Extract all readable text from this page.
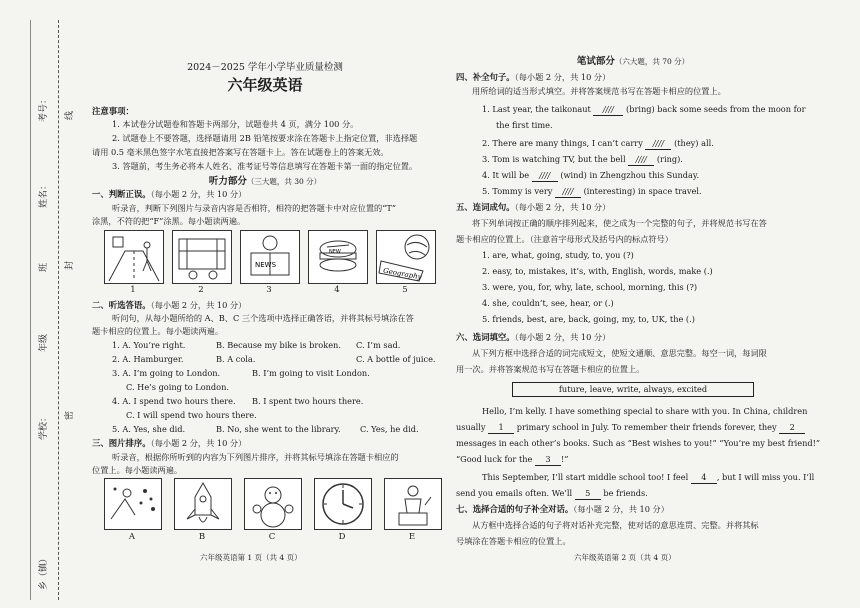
考号：
姓名：
班
年级
学校：
乡（镇）
线
封
密
2024－2025 学年小学毕业质量检测
六年级英语
注意事项：
1. 本试卷分试题卷和答题卡两部分，试题卷共 4 页，满分 100 分。
2. 试题卷上不要答题，选择题请用 2B 铅笔按要求涂在答题卡上指定位置，非选择题
请用 0.5 毫米黑色签字水笔直接把答案写在答题卡上。答在试题卷上的答案无效。
3. 答题前，考生务必将本人姓名、准考证号等信息填写在答题卡第一面的指定位置。
听力部分（三大题，共 30 分）
一、判断正误。（每小题 2 分，共 10 分）
听录音，判断下列图片与录音内容是否相符，相符的把答题卡中对应位置的“T”
涂黑，不符的把“F”涂黑。每小题读两遍。
NEWS
NEW
Geography
1	2	3	4	5
二、听选答语。（每小题 2 分，共 10 分）
听问句，从每小题所给的 A、B、C 三个选项中选择正确答语，并将其标号填涂在答
题卡相应的位置上。每小题读两遍。
1. A. You’re right.	B. Because my bike is broken. C. I’m sad.
2. A. Hamburger.	B. A cola.	C. A bottle of juice.
3. A. I’m going to London.	B. I’m going to visit London.
C. He’s going to London.
4. A. I spend two hours there. B. I spent two hours there.
C. I will spend two hours there.
5. A. Yes, she did.	B. No, she went to the library. C. Yes, he did.
三、图片排序。（每小题 2 分，共 10 分）
听录音，根据你所听到的内容为下列图片排序，并将其标号填涂在答题卡相应的
位置上。每小题读两遍。
A	B	C	D	E
六年级英语第 1 页（共 4 页）
笔试部分（六大题，共 70 分）
四、补全句子。（每小题 2 分，共 10 分）
用所给词的适当形式填空。并将答案规范书写在答题卡相应的位置上。
1. Last year, the taikonaut //// (bring) back some seeds from the moon for
the first time.
2. There are many things, I can’t carry //// (they) all.
3. Tom is watching TV, but the bell //// (ring).
4. It will be //// (wind) in Zhengzhou this Sunday.
5. Tommy is very //// (interesting) in space travel.
五、连词成句。（每小题 2 分，共 10 分）
将下列单词按正确的顺序排列起来，使之成为一个完整的句子，并将规范书写在答
题卡相应的位置上。（注意首字母形式及括号内的标点符号）
1. are, what, going, study, to, you (?)
2. easy, to, mistakes, it’s, with, English, words, make (.)
3. were, you, for, why, late, school, morning, this (?)
4. she, couldn’t, see, hear, or (.)
5. friends, best, are, back, going, my, to, UK, the (.)
六、选词填空。（每小题 2 分，共 10 分）
从下列方框中选择合适的词完成短文，使短文通顺、意思完整。每空一词，每词限
用一次。并将答案规范书写在答题卡相应的位置上。
future, leave, write, always, excited
Hello, I’m kelly. I have something special to share with you. In China, children
usually 1 primary school in July. To remember their friends forever, they 2
messages in each other’s books. Such as “Best wishes to you!” “You’re my best friend!”
“Good luck for the 3 !”
This September, I’ll start middle school too! I feel 4 , but I will miss you. I’ll
send you emails often. We’ll 5 be friends.
七、选择合适的句子补全对话。（每小题 2 分，共 10 分）
从方框中选择合适的句子将对话补充完整，使对话的意思连贯、完整。并将其标
号填涂在答题卡相应的位置上。
六年级英语第 2 页（共 4 页）
